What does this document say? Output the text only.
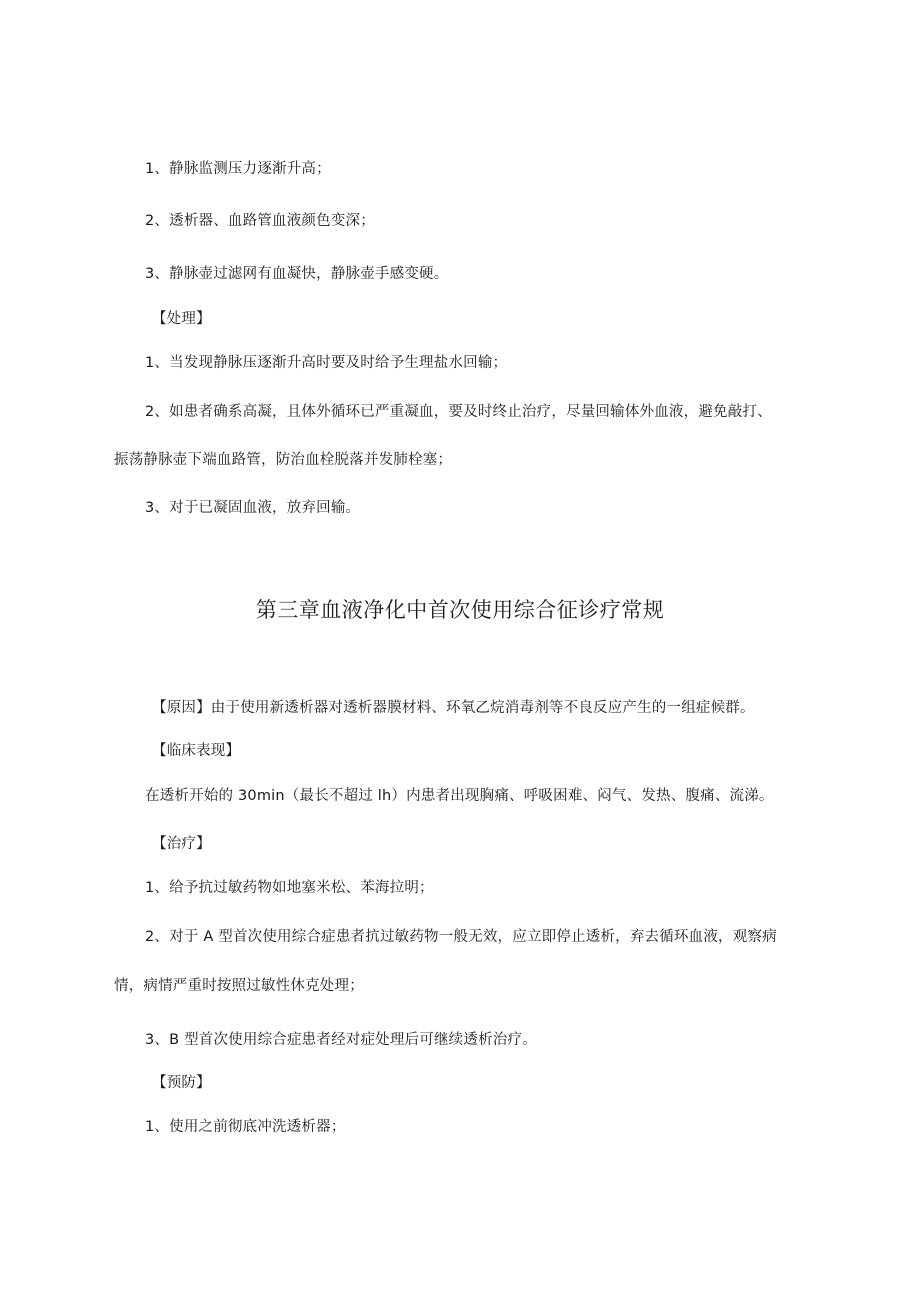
1、静脉监测压力逐渐升高；
2、透析器、血路管血液颜色变深；
3、静脉壶过滤网有血凝快，静脉壶手感变硬。
【处理】
1、当发现静脉压逐渐升高时要及时给予生理盐水回输；
2、如患者确系高凝，且体外循环已严重凝血，要及时终止治疗，尽量回输体外血液，避免敲打、
振荡静脉壶下端血路管，防治血栓脱落并发肺栓塞；
3、对于已凝固血液，放弃回输。
第三章血液净化中首次使用综合征诊疗常规
【原因】由于使用新透析器对透析器膜材料、环氧乙烷消毒剂等不良反应产生的一组症候群。
【临床表现】
在透析开始的 30min（最长不超过 lh）内患者出现胸痛、呼吸困难、闷气、发热、腹痛、流涕。
【治疗】
1、给予抗过敏药物如地塞米松、苯海拉明；
2、对于 A 型首次使用综合症患者抗过敏药物一般无效，应立即停止透析，弃去循环血液，观察病
情，病情严重时按照过敏性休克处理；
3、B 型首次使用综合症患者经对症处理后可继续透析治疗。
【预防】
1、使用之前彻底冲洗透析器；
